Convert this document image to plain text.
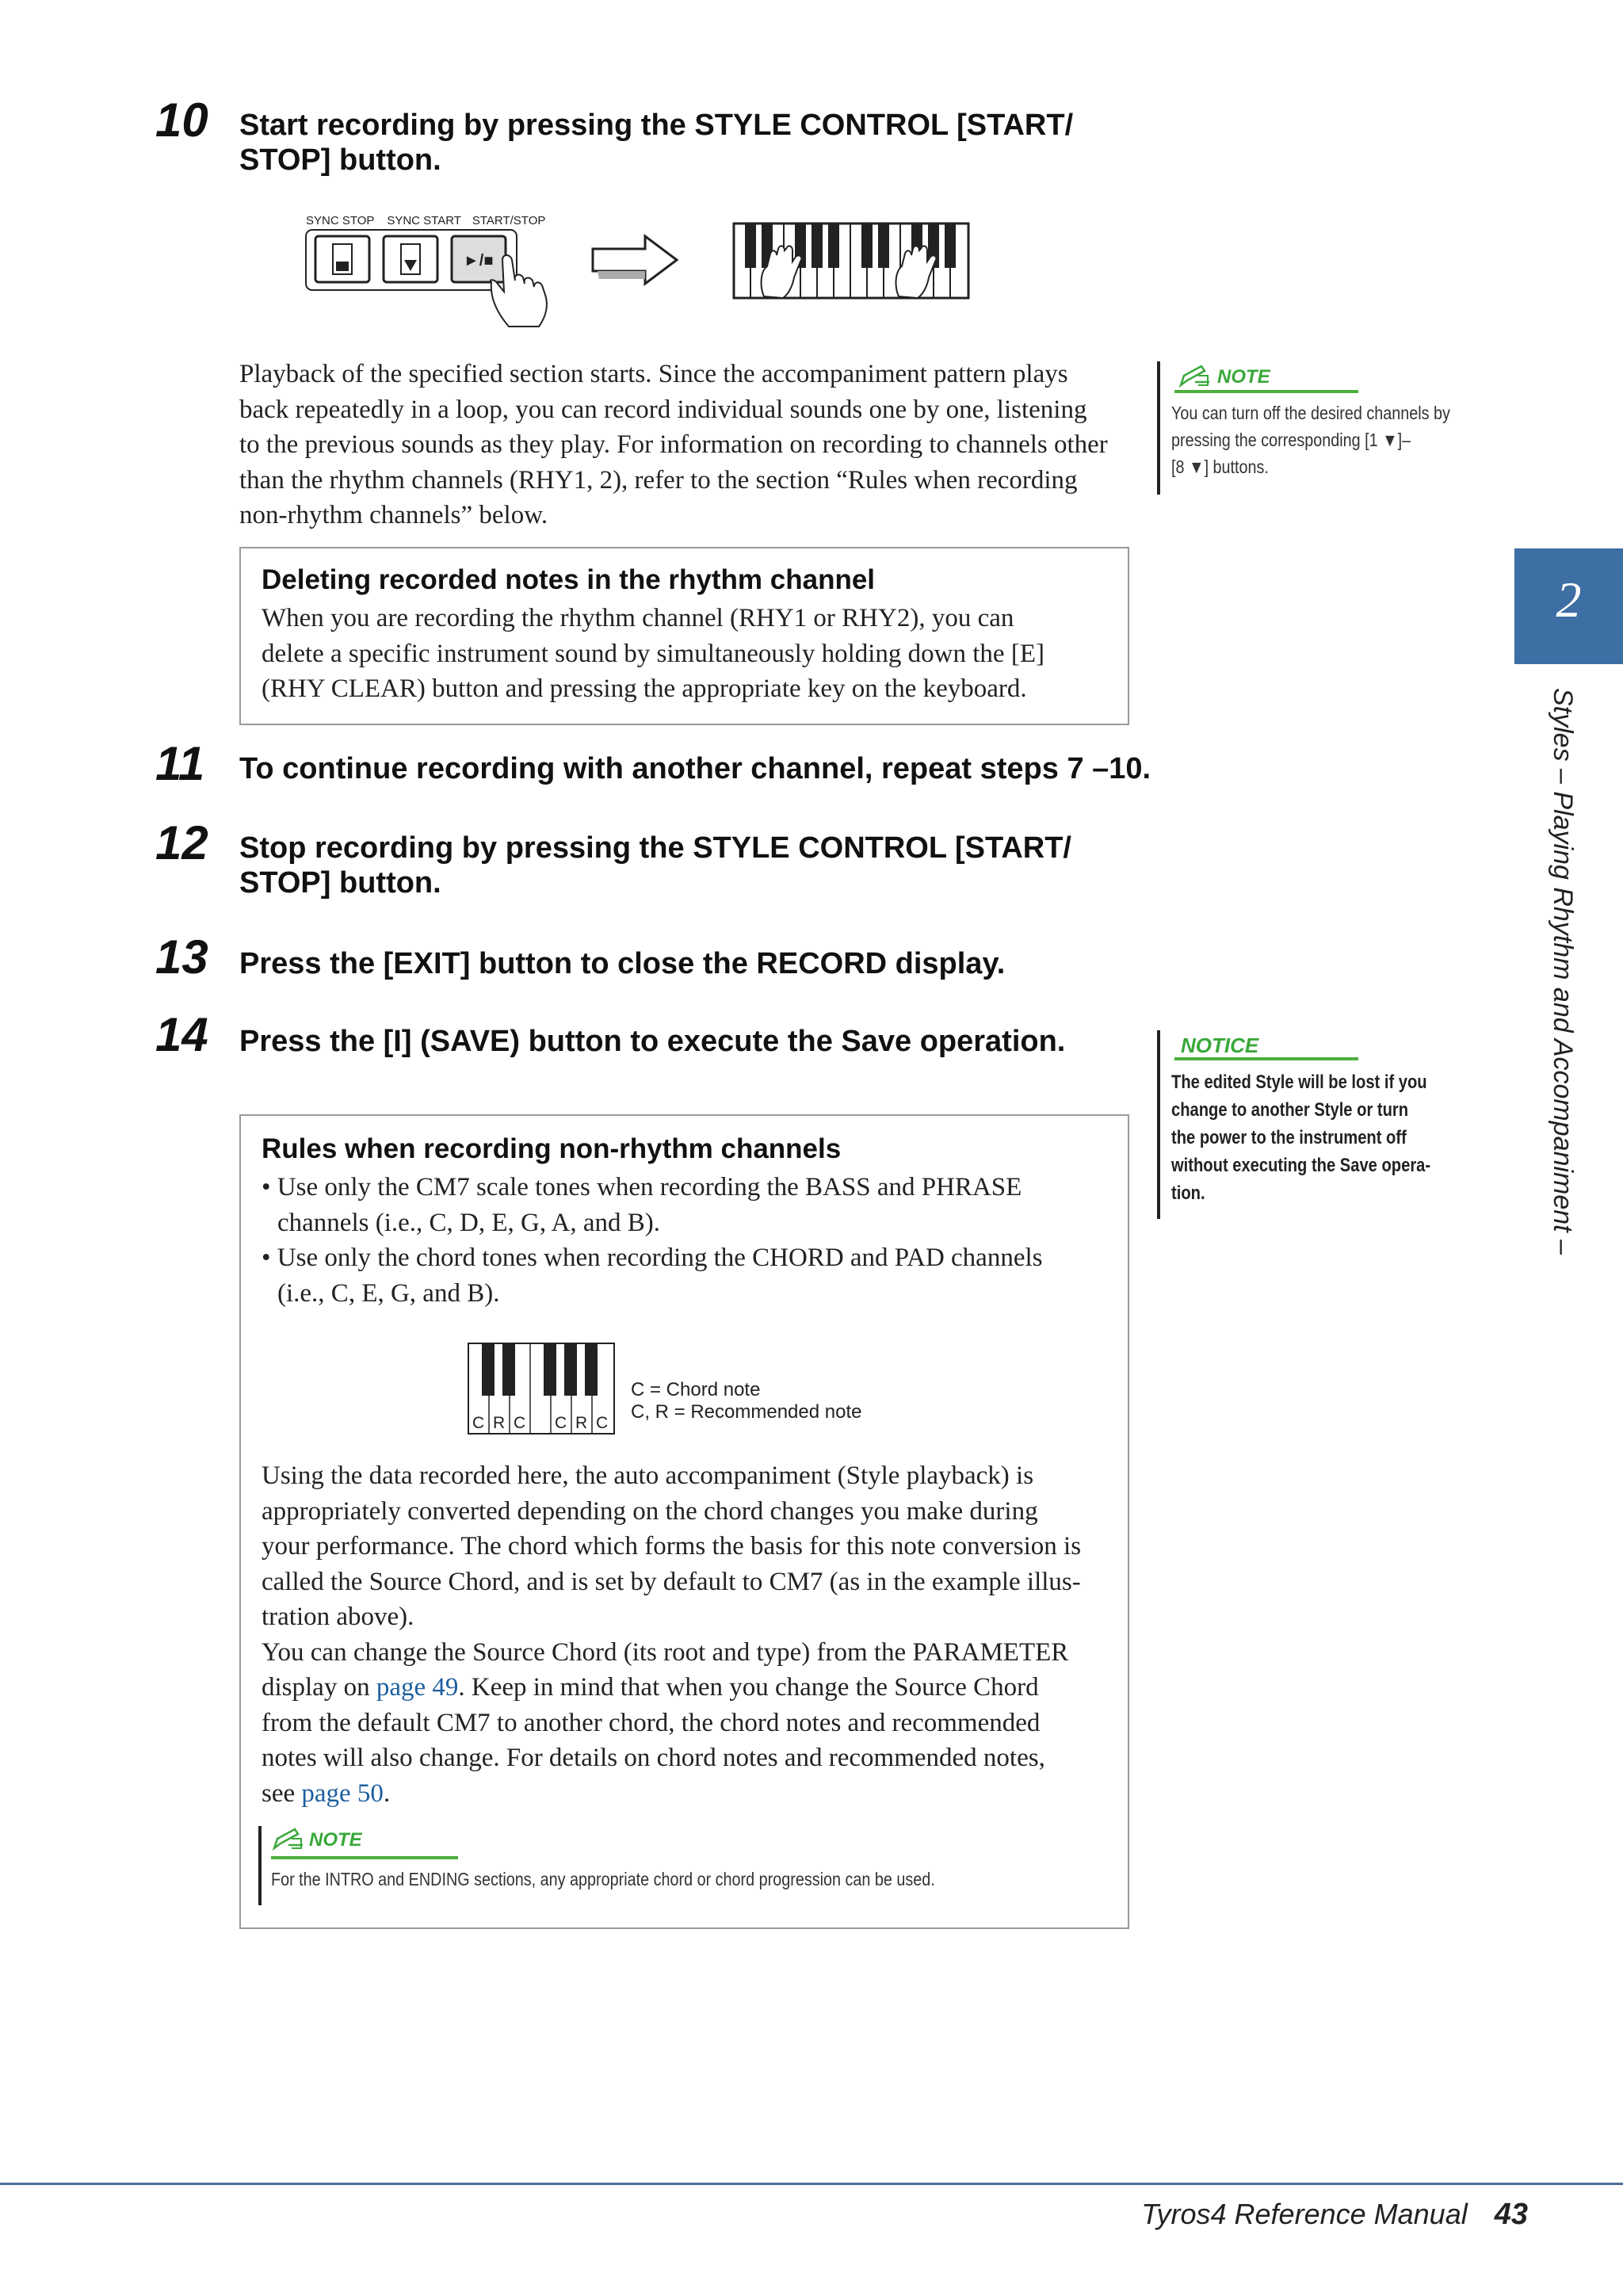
10 Start recording by pressing the STYLE CONTROL [START/
STOP] button.
SYNC STOP SYNC START START/STOP
►/■
Playback of the specified section starts. Since the accompaniment pattern plays
back repeatedly in a loop, you can record individual sounds one by one, listening
to the previous sounds as they play. For information on recording to channels other
than the rhythm channels (RHY1, 2), refer to the section “Rules when recording
non-rhythm channels” below.
Deleting recorded notes in the rhythm channel
When you are recording the rhythm channel (RHY1 or RHY2), you can
delete a specific instrument sound by simultaneously holding down the [E]
(RHY CLEAR) button and pressing the appropriate key on the keyboard.
11 To continue recording with another channel, repeat steps 7 –10.
12 Stop recording by pressing the STYLE CONTROL [START/
STOP] button.
13 Press the [EXIT] button to close the RECORD display.
14 Press the [I] (SAVE) button to execute the Save operation.
Rules when recording non-rhythm channels
• Use only the CM7 scale tones when recording the BASS and PHRASE
channels (i.e., C, D, E, G, A, and B).
• Use only the chord tones when recording the CHORD and PAD channels
(i.e., C, E, G, and B).
C R C C R C
C = Chord note
C, R = Recommended note
Using the data recorded here, the auto accompaniment (Style playback) is
appropriately converted depending on the chord changes you make during
your performance. The chord which forms the basis for this note conversion is
called the Source Chord, and is set by default to CM7 (as in the example illus-
tration above).
You can change the Source Chord (its root and type) from the PARAMETER
display on page 49. Keep in mind that when you change the Source Chord
from the default CM7 to another chord, the chord notes and recommended
notes will also change. For details on chord notes and recommended notes,
see page 50.
NOTE
For the INTRO and ENDING sections, any appropriate chord or chord progression can be used.
NOTE
You can turn off the desired channels by
pressing the corresponding [1 ▼]–
[8 ▼] buttons.
NOTICE
The edited Style will be lost if you
change to another Style or turn
the power to the instrument off
without executing the Save opera-
tion.
2
Styles – Playing Rhythm and Accompaniment –
Tyros4 Reference Manual 43
